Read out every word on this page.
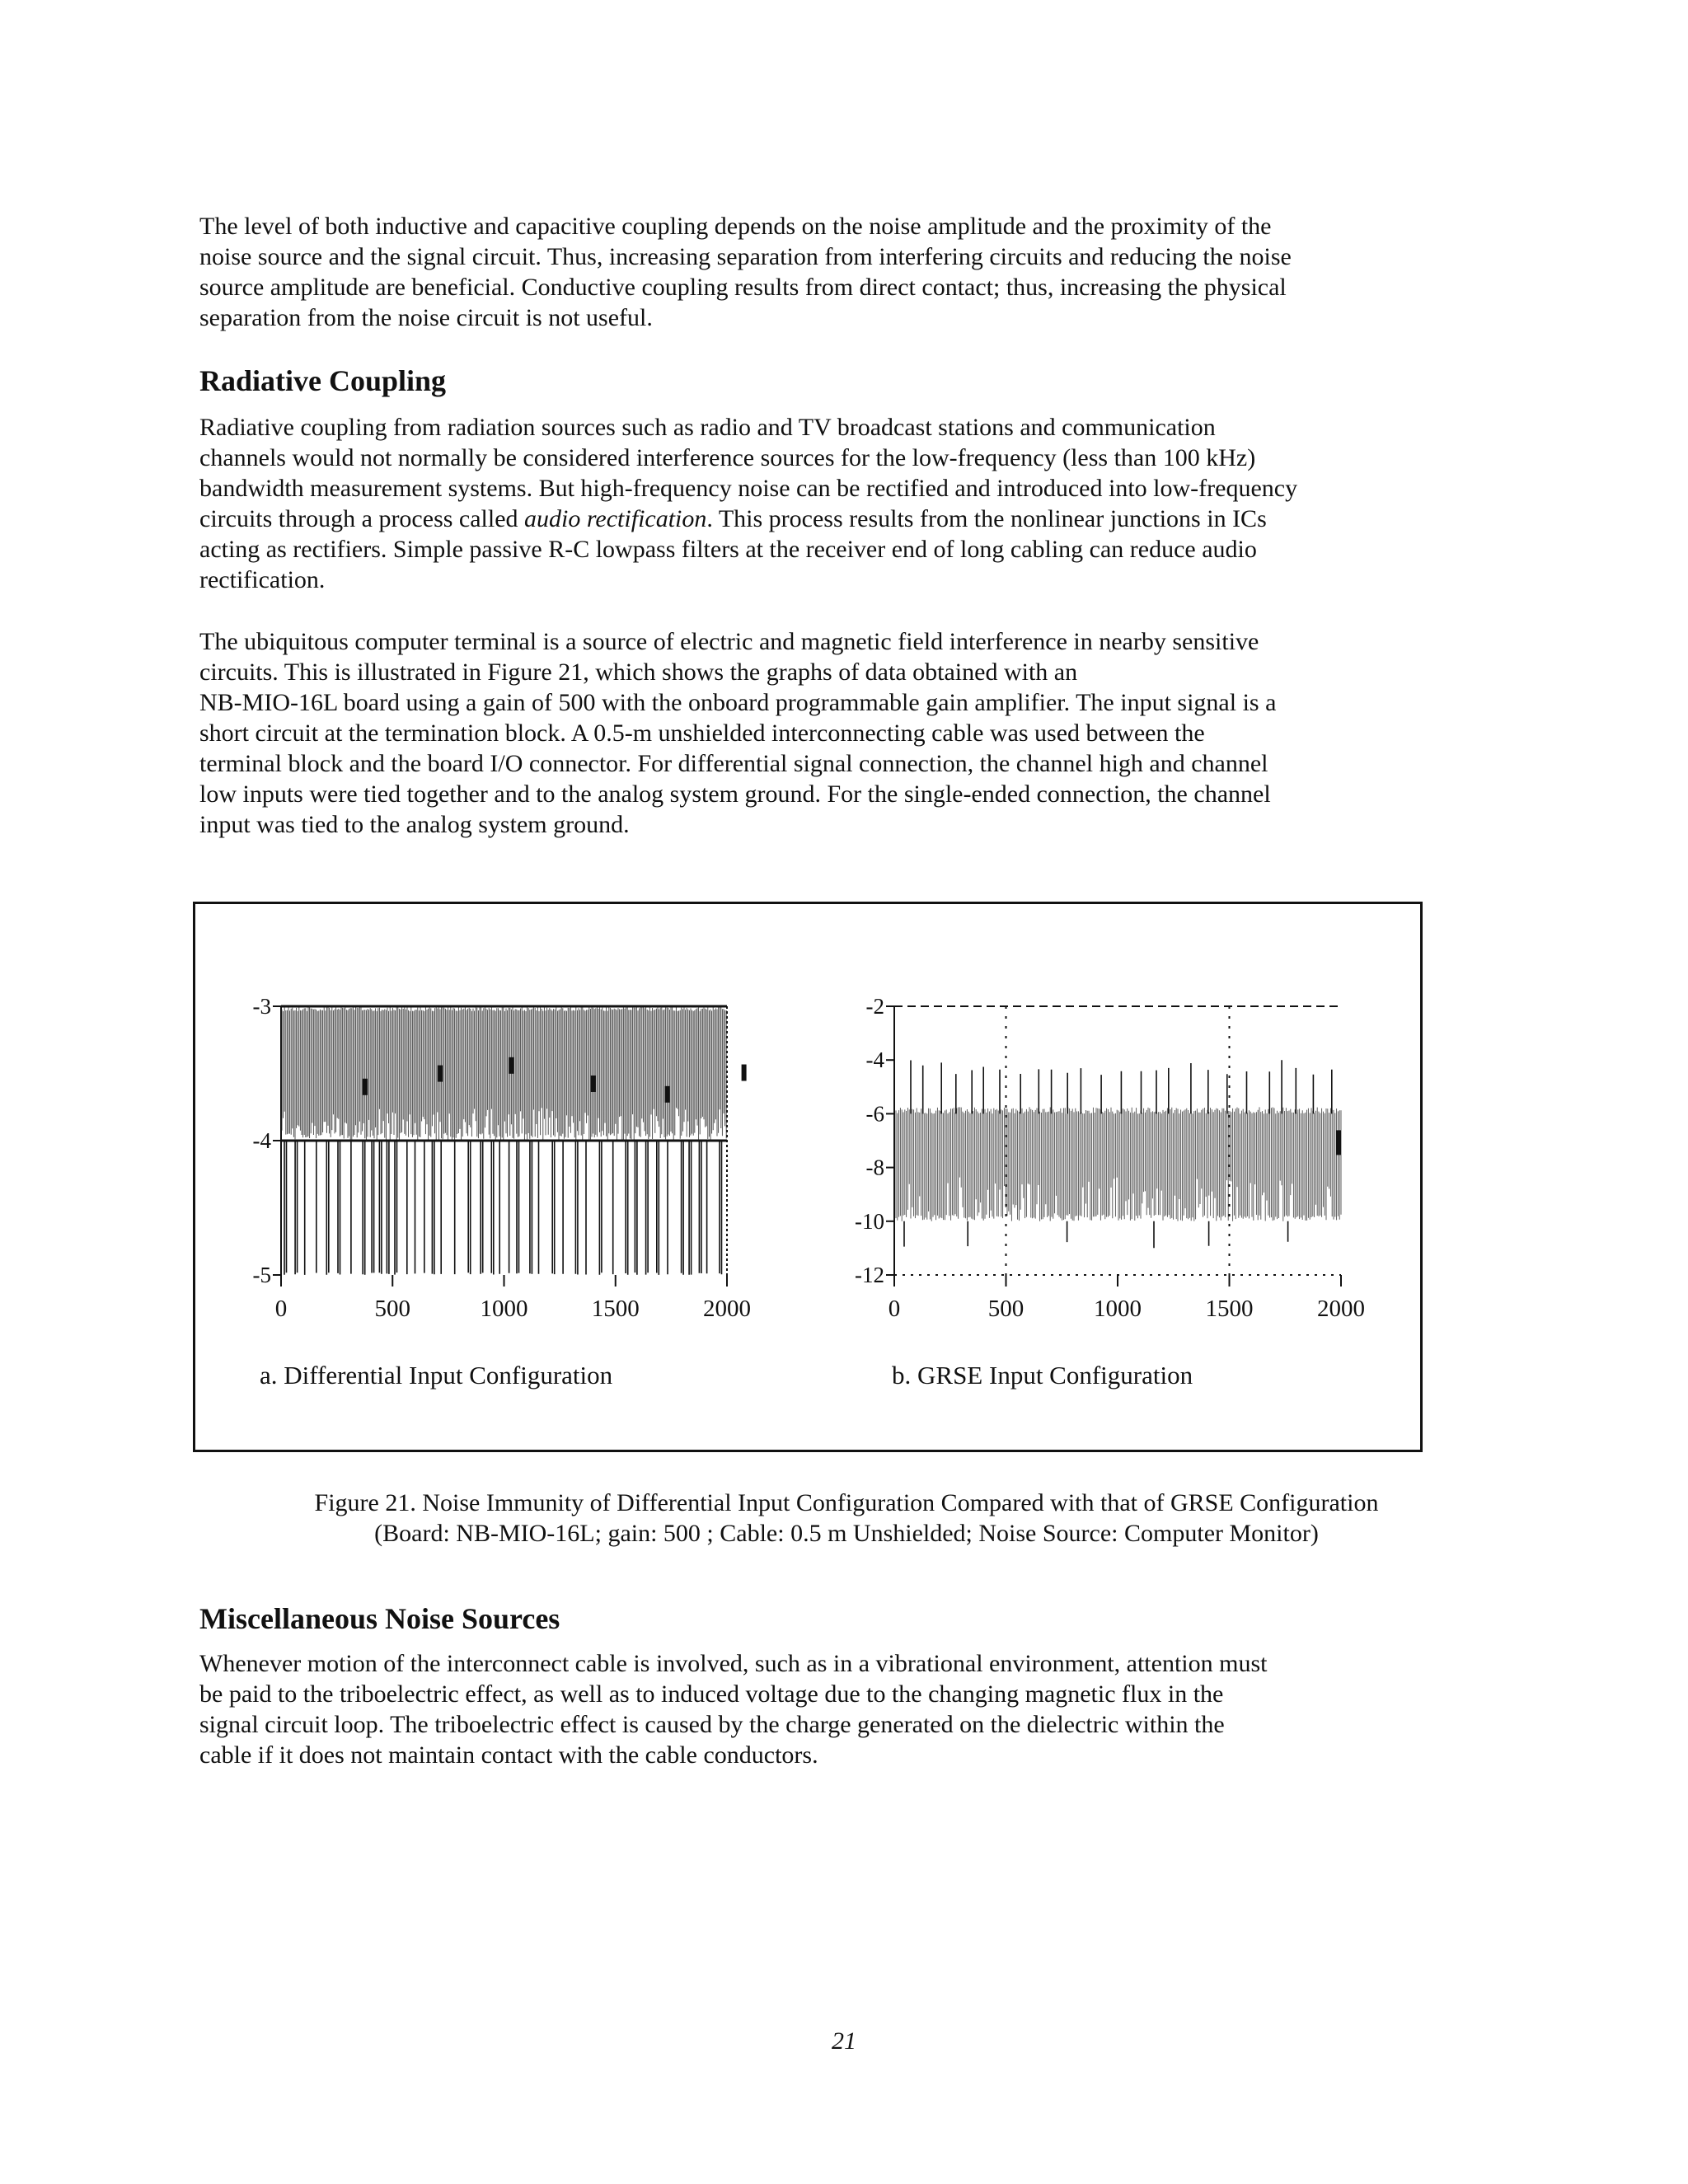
The level of both inductive and capacitive coupling depends on the noise amplitude and the proximity of the
noise source and the signal circuit. Thus, increasing separation from interfering circuits and reducing the noise
source amplitude are beneficial. Conductive coupling results from direct contact; thus, increasing the physical
separation from the noise circuit is not useful.

Radiative Coupling

Radiative coupling from radiation sources such as radio and TV broadcast stations and communication
channels would not normally be considered interference sources for the low-frequency (less than 100 kHz)
bandwidth measurement systems. But high-frequency noise can be rectified and introduced into low-frequency
circuits through a process called audio rectification. This process results from the nonlinear junctions in ICs
acting as rectifiers. Simple passive R-C lowpass filters at the receiver end of long cabling can reduce audio
rectification.

The ubiquitous computer terminal is a source of electric and magnetic field interference in nearby sensitive
circuits. This is illustrated in Figure 21, which shows the graphs of data obtained with an
NB-MIO-16L board using a gain of 500 with the onboard programmable gain amplifier. The input signal is a
short circuit at the termination block. A 0.5-m unshielded interconnecting cable was used between the
terminal block and the board I/O connector. For differential signal connection, the channel high and channel
low inputs were tied together and to the analog system ground. For the single-ended connection, the channel
input was tied to the analog system ground.

-3
-4
-5
0	500	1000	1500	2000
a. Differential Input Configuration
-2
-4
-6
-8
-10
-12
0	500	1000	1500	2000
b. GRSE Input Configuration

Figure 21. Noise Immunity of Differential Input Configuration Compared with that of GRSE Configuration
(Board: NB-MIO-16L; gain: 500 ; Cable: 0.5 m Unshielded; Noise Source: Computer Monitor)

Miscellaneous Noise Sources

Whenever motion of the interconnect cable is involved, such as in a vibrational environment, attention must
be paid to the triboelectric effect, as well as to induced voltage due to the changing magnetic flux in the
signal circuit loop. The triboelectric effect is caused by the charge generated on the dielectric within the
cable if it does not maintain contact with the cable conductors.

21
